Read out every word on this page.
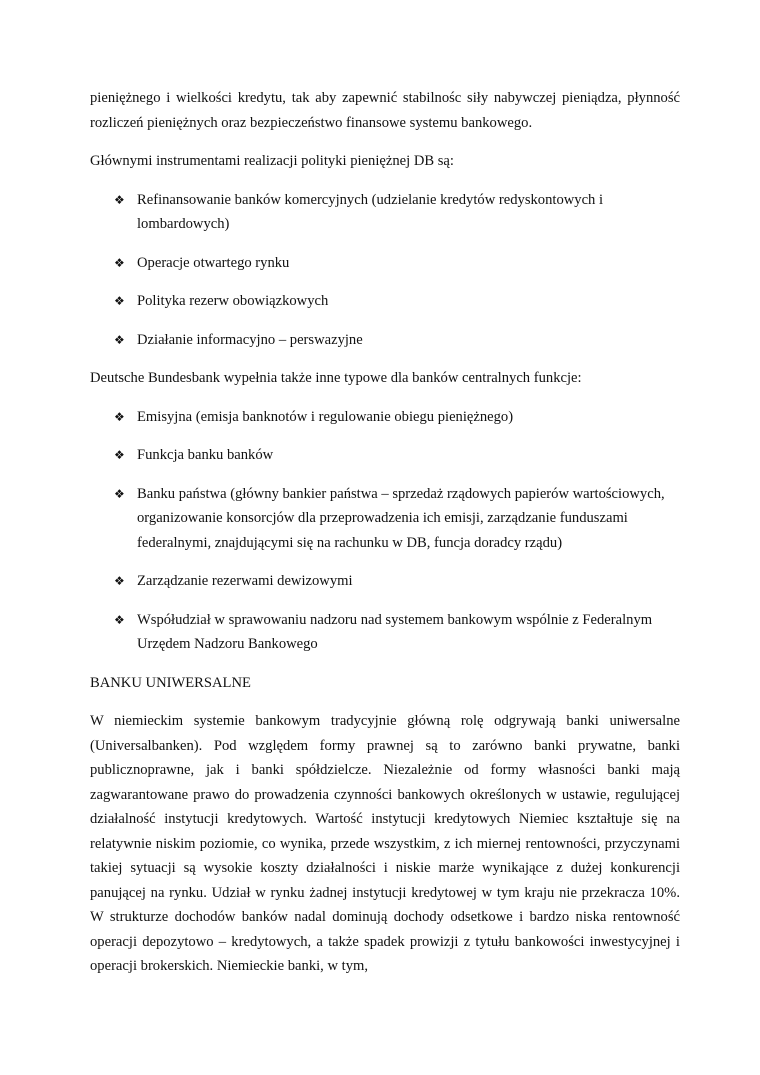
pieniężnego i wielkości kredytu, tak aby zapewnić stabilnośc siły nabywczej pieniądza, płynność rozliczeń pieniężnych oraz bezpieczeństwo finansowe systemu bankowego.

Głównymi instrumentami realizacji polityki pieniężnej DB są:

❖ Refinansowanie banków komercyjnych (udzielanie kredytów redyskontowych i lombardowych)
❖ Operacje otwartego rynku
❖ Polityka rezerw obowiązkowych
❖ Działanie informacyjno – perswazyjne

Deutsche Bundesbank wypełnia także inne typowe dla banków centralnych funkcje:

❖ Emisyjna (emisja banknotów i regulowanie obiegu pieniężnego)
❖ Funkcja banku banków
❖ Banku państwa (główny bankier państwa – sprzedaż rządowych papierów wartościowych, organizowanie konsorcjów dla przeprowadzenia ich emisji, zarządzanie funduszami federalnymi, znajdującymi się na rachunku w DB, funcja doradcy rządu)
❖ Zarządzanie rezerwami dewizowymi
❖ Współudział w sprawowaniu nadzoru nad systemem bankowym wspólnie z Federalnym Urzędem Nadzoru Bankowego

BANKU UNIWERSALNE

W niemieckim systemie bankowym tradycyjnie główną rolę odgrywają banki uniwersalne (Universalbanken). Pod względem formy prawnej są to zarówno banki prywatne, banki publicznoprawne, jak i banki spółdzielcze. Niezależnie od formy własności banki mają zagwarantowane prawo do prowadzenia czynności bankowych określonych w ustawie, regulującej działalność instytucji kredytowych. Wartość instytucji kredytowych Niemiec kształtuje się na relatywnie niskim poziomie, co wynika, przede wszystkim, z ich miernej rentowności, przyczynami takiej sytuacji są wysokie koszty działalności i niskie marże wynikające z dużej konkurencji panującej na rynku. Udział w rynku żadnej instytucji kredytowej w tym kraju nie przekracza 10%. W strukturze dochodów banków nadal dominują dochody odsetkowe i bardzo niska rentowność operacji depozytowo – kredytowych, a także spadek prowizji z tytułu bankowości inwestycyjnej i operacji brokerskich. Niemieckie banki, w tym,
